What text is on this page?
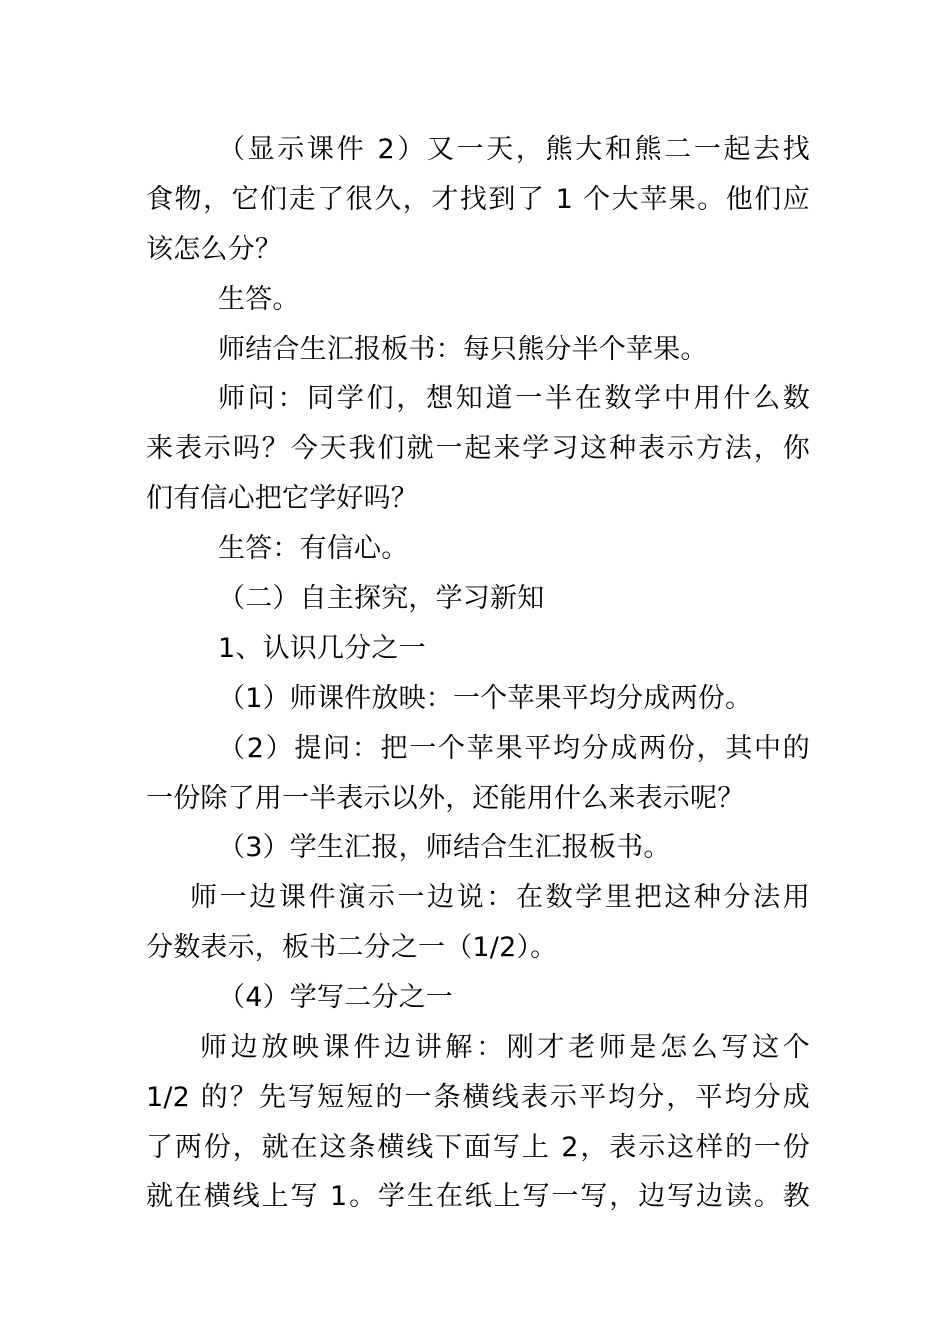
（显示课件 2）又一天，熊大和熊二一起去找
食物，它们走了很久，才找到了 1 个大苹果。他们应
该怎么分？
生答。
师结合生汇报板书：每只熊分半个苹果。
师问：同学们，想知道一半在数学中用什么数
来表示吗？今天我们就一起来学习这种表示方法，你
们有信心把它学好吗？
生答：有信心。
（二）自主探究，学习新知
1、认识几分之一
（1）师课件放映：一个苹果平均分成两份。
（2）提问：把一个苹果平均分成两份，其中的
一份除了用一半表示以外，还能用什么来表示呢？
（3）学生汇报，师结合生汇报板书。
师一边课件演示一边说：在数学里把这种分法用
分数表示，板书二分之一（1/2）。
（4）学写二分之一
师边放映课件边讲解：刚才老师是怎么写这个
1/2 的？先写短短的一条横线表示平均分，平均分成
了两份，就在这条横线下面写上 2，表示这样的一份
就在横线上写 1。学生在纸上写一写，边写边读。教
